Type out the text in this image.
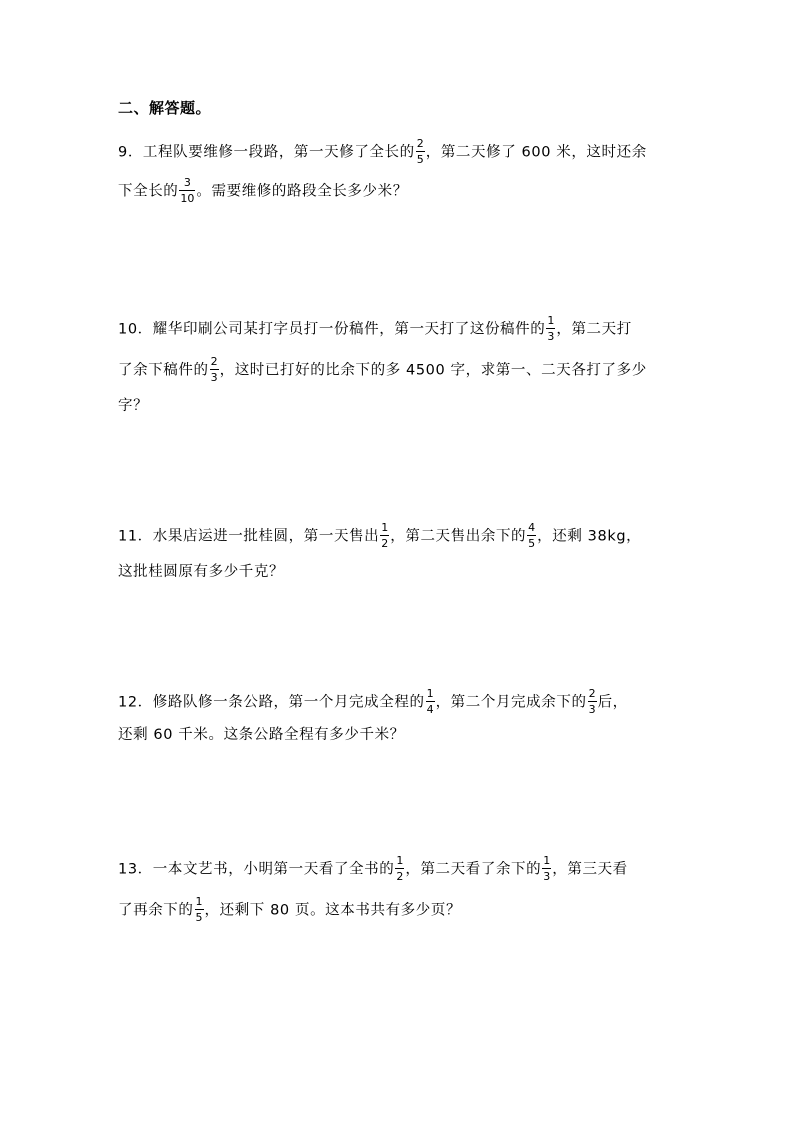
二、解答题。
9．工程队要维修一段路，第一天修了全长的 $\frac{2}{5}$ ，第二天修了 600 米，这时还余
下全长的 $\frac{3}{10}$ 。需要维修的路段全长多少米？
10．耀华印刷公司某打字员打一份稿件，第一天打了这份稿件的 $\frac{1}{3}$ ，第二天打
了余下稿件的 $\frac{2}{3}$ ，这时已打好的比余下的多 4500 字，求第一、二天各打了多少
字？
11．水果店运进一批桂圆，第一天售出 $\frac{1}{2}$ ，第二天售出余下的 $\frac{4}{5}$ ，还剩 38kg，
这批桂圆原有多少千克？
12．修路队修一条公路，第一个月完成全程的 $\frac{1}{4}$ ，第二个月完成余下的 $\frac{2}{3}$ 后，
还剩 60 千米。这条公路全程有多少千米？
13．一本文艺书，小明第一天看了全书的 $\frac{1}{2}$ ，第二天看了余下的 $\frac{1}{3}$ ，第三天看
了再余下的 $\frac{1}{5}$ ，还剩下 80 页。这本书共有多少页？
